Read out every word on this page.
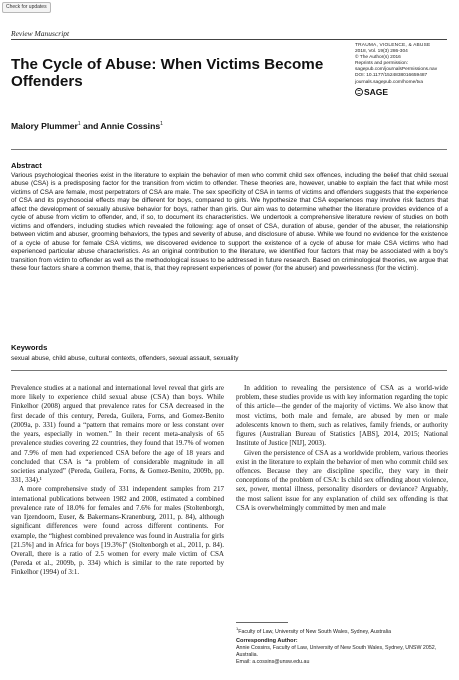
Check for updates
Review Manuscript
The Cycle of Abuse: When Victims Become Offenders
TRAUMA, VIOLENCE, & ABUSE
2018, Vol. 19(3) 286-304
© The Author(s) 2016
Reprints and permission:
sagepub.com/journalsPermissions.nav
DOI: 10.1177/1524838016659487
journals.sagepub.com/home/tva
SAGE
Malory Plummer$^1$ and Annie Cossins$^1$
Abstract

Various psychological theories exist in the literature to explain the behavior of men who commit child sex offences, including the belief that child sexual abuse (CSA) is a predisposing factor for the transition from victim to offender. These theories are, however, unable to explain the fact that while most victims of CSA are female, most perpetrators of CSA are male. The sex specificity of CSA in terms of victims and offenders suggests that the experience of CSA and its psychosocial effects may be different for boys, compared to girls. We hypothesize that CSA experiences may involve risk factors that affect the development of sexually abusive behavior for boys, rather than girls. Our aim was to determine whether the literature provides evidence of a cycle of abuse from victim to offender, and, if so, to document its characteristics. We undertook a comprehensive literature review of studies on both victims and offenders, including studies which revealed the following: age of onset of CSA, duration of abuse, gender of the abuser, the relationship between victim and abuser, grooming behaviors, the types and severity of abuse, and disclosure of abuse. While we found no evidence for the existence of a cycle of abuse for female CSA victims, we discovered evidence to support the existence of a cycle of abuse for male CSA victims who had experienced particular abuse characteristics. As an original contribution to the literature, we identified four factors that may be associated with a boy's transition from victim to offender as well as the methodological issues to be addressed in future research. Based on criminological theories, we argue that these four factors share a common theme, that is, that they represent experiences of power (for the abuser) and powerlessness (for the victim).

Keywords

sexual abuse, child abuse, cultural contexts, offenders, sexual assault, sexuality

Prevalence studies at a national and international level reveal that girls are more likely to experience child sexual abuse (CSA) than boys. While Finkelhor (2008) argued that prevalence rates for CSA decreased in the first decade of this century, Pereda, Guilera, Forns, and Gomez-Benito (2009a, p. 331) found a “pattern that remains more or less constant over the years, especially in women.” In their recent meta-analysis of 65 prevalence studies covering 22 countries, they found that 19.7% of women and 7.9% of men had experienced CSA before the age of 18 years and concluded that CSA is “a problem of considerable magnitude in all societies analyzed” (Pereda, Guilera, Forns, & Gomez-Benito, 2009b, pp. 331, 334).¹

A more comprehensive study of 331 independent samples from 217 international publications between 1982 and 2008, estimated a combined prevalence rate of 18.0% for females and 7.6% for males (Stoltenborgh, van Ijzendoorn, Euser, & Bakermans-Kranenburg, 2011, p. 84), although significant differences were found across different continents. For example, the “highest combined prevalence was found in Australia for girls [21.5%] and in Africa for boys [19.3%]” (Stoltenborgh et al., 2011, p. 84). Overall, there is a ratio of 2.5 women for every male victim of CSA (Pereda et al., 2009b, p. 334) which is similar to the rate reported by Finkelhor (1994) of 3:1.

In addition to revealing the persistence of CSA as a world-wide problem, these studies provide us with key information regarding the topic of this article—the gender of the majority of victims. We also know that most victims, both male and female, are abused by men or male adolescents known to them, such as relatives, family friends, or authority figures (Australian Bureau of Statistics [ABS], 2014, 2015; National Institute of Justice [NIJ], 2003).

Given the persistence of CSA as a worldwide problem, various theories exist in the literature to explain the behavior of men who commit child sex offences. Because they are discipline specific, they vary in their conceptions of the problem of CSA: Is child sex offending about violence, sex, power, mental illness, personality disorders or deviance? Arguably, the most salient issue for any explanation of child sex offending is that CSA is overwhelmingly committed by men and male

$^1$Faculty of Law, University of New South Wales, Sydney, Australia
Corresponding Author:
Annie Cossins, Faculty of Law, University of New South Wales, Sydney, UNSW 2052, Australia.
Email: a.cossins@unsw.edu.au
